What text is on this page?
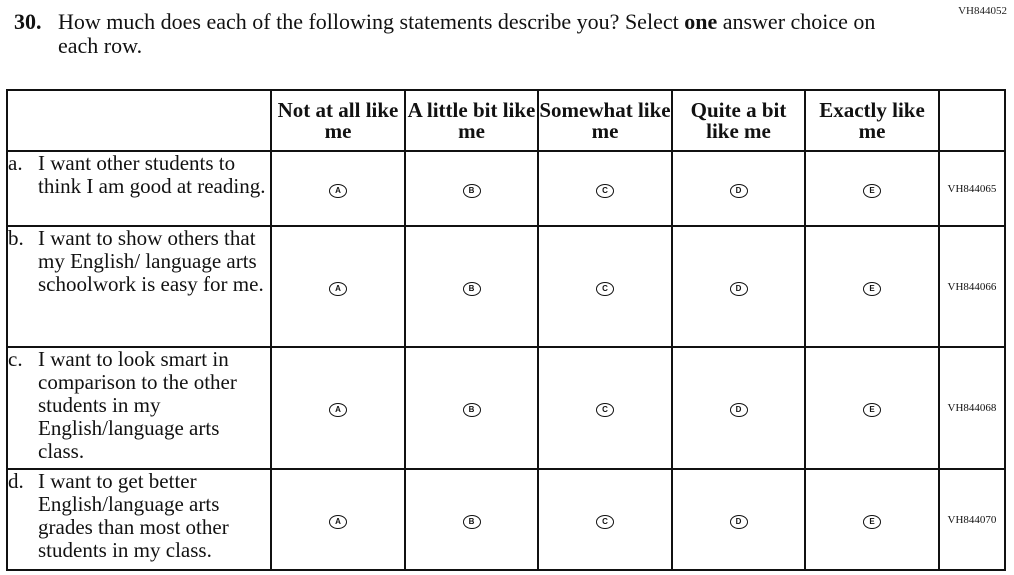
VH844052
30. How much does each of the following statements describe you? Select one answer choice on each row.
	Not at all like me	A little bit like me	Somewhat like me	Quite a bit like me	Exactly like me	

a. I want other students to think I am good at reading.	A	B	C	D	E	VH844065

b. I want to show others that my English/ language arts schoolwork is easy for me.	A	B	C	D	E	VH844066

c. I want to look smart in comparison to the other students in my English/language arts class.	A	B	C	D	E	VH844068

d. I want to get better English/language arts grades than most other students in my class.	A	B	C	D	E	VH844070
